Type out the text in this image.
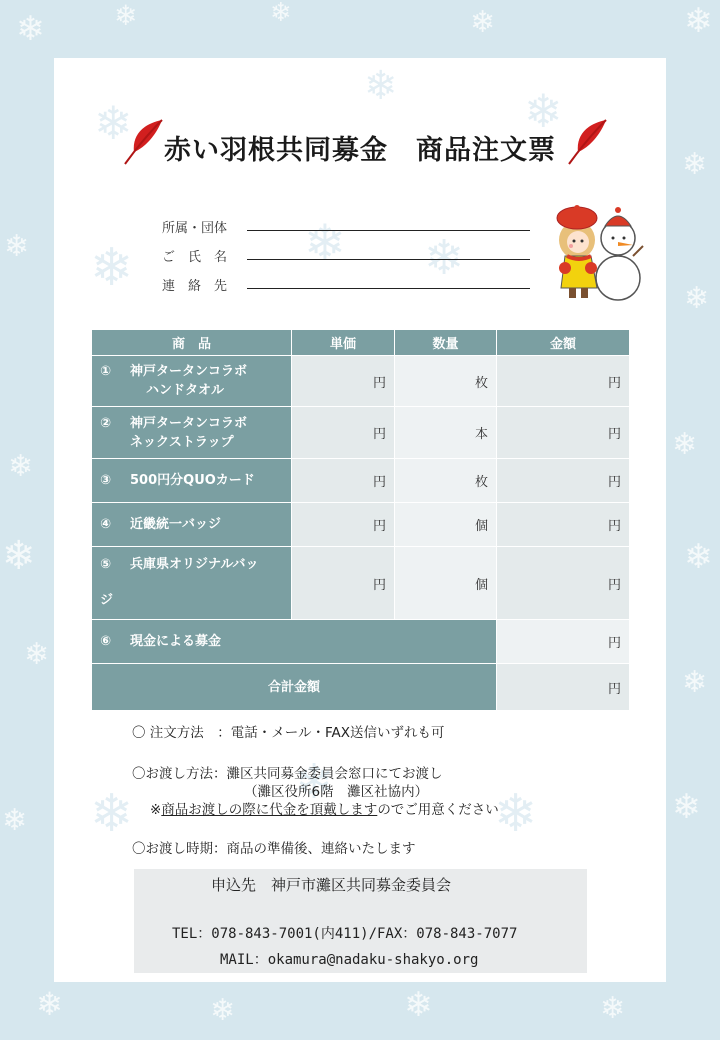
❄ ❄	❄	❄	❄
❄
❄
❄
❄
❄
❄
❄
❄
❄
❄
❄
❄	❄	❄	❄
❄
❄	❄
❄	❄ ❄
❄
❄
❄
赤い羽根共同募金　商品注文票
所属・団体
ご　氏　名
連　絡　先
商　品	単価	数量	金額

① 神戸タータンコラボ
ハンドタオル	円	枚	円

② 神戸タータンコラボ
ネックストラップ	円	本	円

③ 500円分QUOカード	円	枚	円

④ 近畿統一バッジ	円	個	円
⑤ 兵庫県オリジナルバッ
ジ	円	個	円
⑥ 現金による募金			円
合計金額			円
〇 注文方法　：電話・メール・FAX送信いずれも可
〇お渡し方法：灘区共同募金委員会窓口にてお渡し
（灘区役所6階　灘区社協内）
※商品お渡しの際に代金を頂戴しますのでご用意ください
〇お渡し時期：商品の準備後、連絡いたします
申込先　神戸市灘区共同募金委員会
TEL：078-843-7001(内411)/FAX：078-843-7077
MAIL：okamura@nadaku-shakyo.org
